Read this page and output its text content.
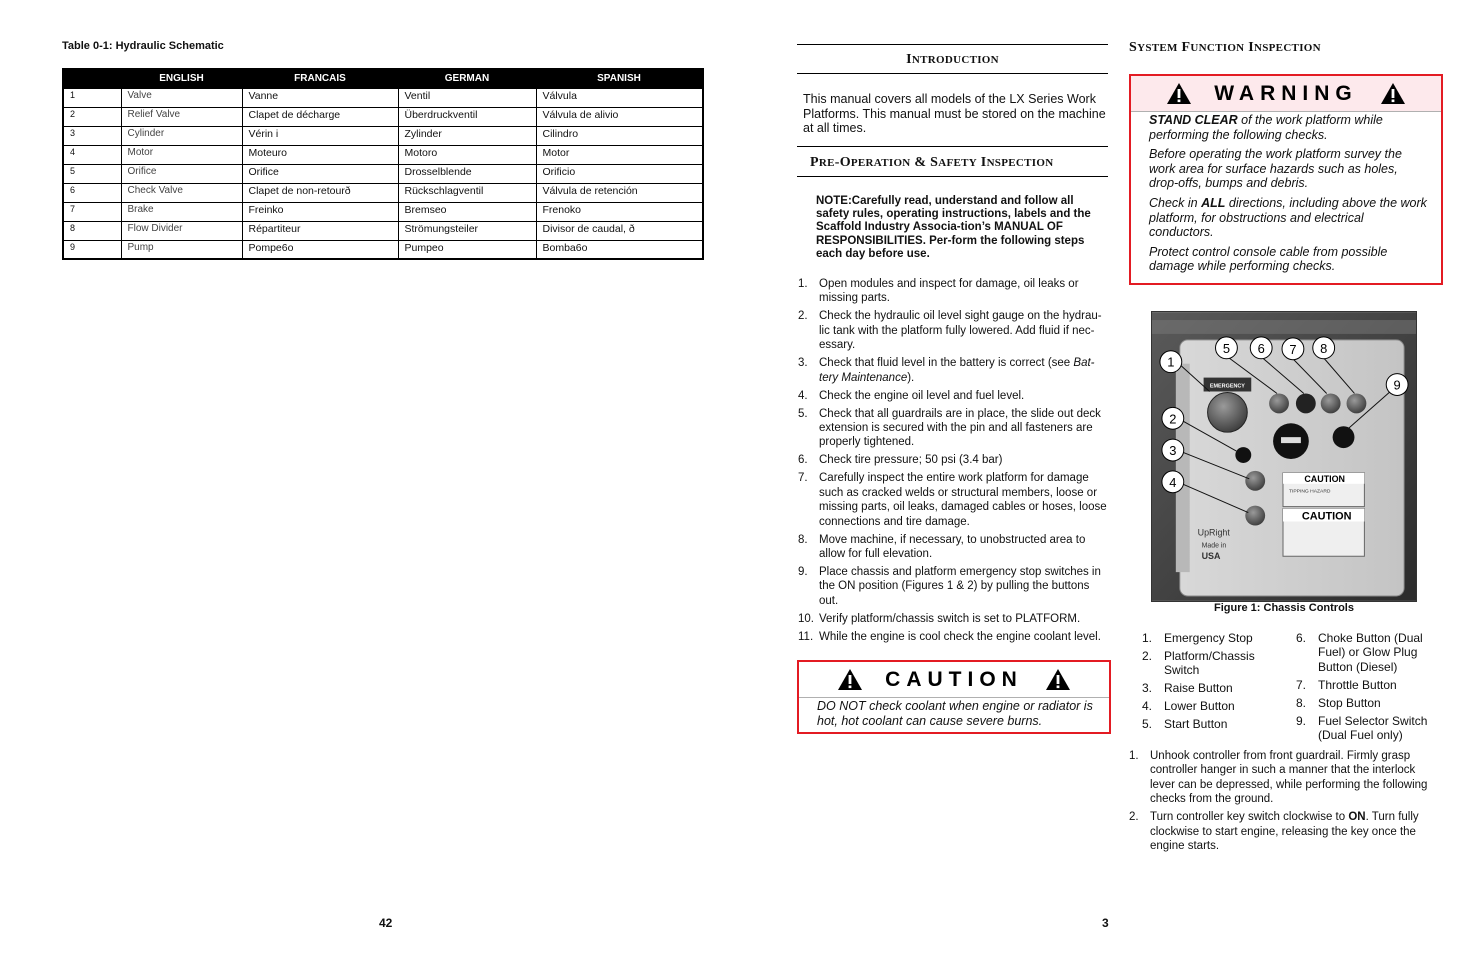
Table 0-1: Hydraulic Schematic
	ENGLISH	FRANCAIS	GERMAN	SPANISH
1	Valve	Vanne	Ventil	Válvula
2	Relief Valve	Clapet de décharge	Überdruckventil	Válvula de alivio
3	Cylinder	Vérin i	Zylinder	Cilindro
4	Motor	Moteuro	Motoro	Motor
5	Orifice	Orifice	Drosselblende	Orificio
6	Check Valve	Clapet de non-retourð	Rückschlagventil	Válvula de retención
7	Brake	Freinko	Bremseo	Frenoko
8	Flow Divider	Répartiteur	Strömungsteiler	Divisor de caudal, ð
9	Pump	Pompe6o	Pumpeo	Bomba6o
42
INTRODUCTION
This manual covers all models of the LX Series Work Platforms. This manual must be stored on the machine at all times.
PRE-OPERATION & SAFETY INSPECTION
NOTE:Carefully read, understand and follow all safety rules, operating instructions, labels and the Scaffold Industry Associa-tion’s MANUAL OF RESPONSIBILITIES. Per-form the following steps each day before use.
1. Open modules and inspect for damage, oil leaks or missing parts.
2. Check the hydraulic oil level sight gauge on the hydrau-lic tank with the platform fully lowered. Add fluid if nec-essary.
3. Check that fluid level in the battery is correct (see Bat-tery Maintenance).
4. Check the engine oil level and fuel level.
5. Check that all guardrails are in place, the slide out deck extension is secured with the pin and all fasteners are properly tightened.
6. Check tire pressure; 50 psi (3.4 bar)
7. Carefully inspect the entire work platform for damage such as cracked welds or structural members, loose or missing parts, oil leaks, damaged cables or hoses, loose connections and tire damage.
8. Move machine, if necessary, to unobstructed area to allow for full elevation.
9. Place chassis and platform emergency stop switches in the ON position (Figures 1 & 2) by pulling the buttons out.
10. Verify platform/chassis switch is set to PLATFORM.
11. While the engine is cool check the engine coolant level.
CAUTION
DO NOT check coolant when engine or radiator is hot, hot coolant can cause severe burns.
3
SYSTEM FUNCTION INSPECTION
WARNING

STAND CLEAR of the work platform while performing the following checks.

Before operating the work platform survey the work area for surface hazards such as holes, drop-offs, bumps and debris.

Check in ALL directions, including above the work platform, for obstructions and electrical conductors.

Protect control console cable from possible damage while performing checks.

EMERGENCY
CAUTION
TIPPING HAZARD
CAUTION
UpRight
Made in
USA
1
2
3
4
5 6 7 8
9
Figure 1: Chassis Controls
1. Emergency Stop
2. Platform/Chassis Switch
3. Raise Button
4. Lower Button
5. Start Button
6. Choke Button (Dual Fuel) or Glow Plug Button (Diesel)
7. Throttle Button
8. Stop Button
9. Fuel Selector Switch (Dual Fuel only)
1. Unhook controller from front guardrail. Firmly grasp controller hanger in such a manner that the interlock lever can be depressed, while performing the following checks from the ground.
2. Turn controller key switch clockwise to ON. Turn fully clockwise to start engine, releasing the key once the engine starts.
